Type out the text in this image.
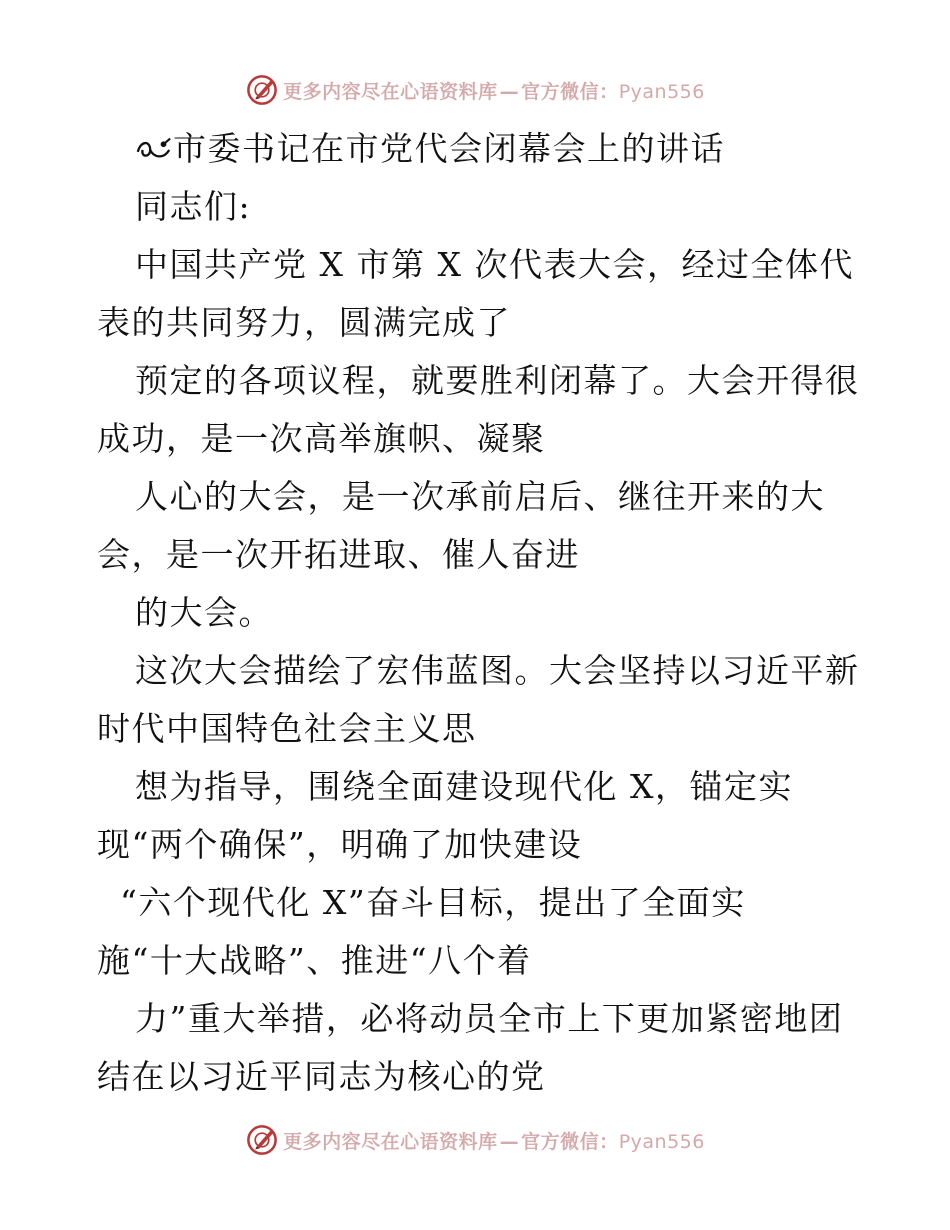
更多内容尽在心语资料库 — 官方微信：Pyan556
市委书记在市党代会闭幕会上的讲话
同志们:
中国共产党 X 市第 X 次代表大会，经过全体代
表的共同努力，圆满完成了
预定的各项议程，就要胜利闭幕了。大会开得很
成功，是一次高举旗帜、凝聚
人心的大会，是一次承前启后、继往开来的大
会，是一次开拓进取、催人奋进
的大会。
这次大会描绘了宏伟蓝图。大会坚持以习近平新
时代中国特色社会主义思
想为指导，围绕全面建设现代化 X，锚定实
现“两个确保”，明确了加快建设
“六个现代化 X”奋斗目标，提出了全面实
施“十大战略”、推进“八个着
力”重大举措，必将动员全市上下更加紧密地团
结在以习近平同志为核心的党
更多内容尽在心语资料库 — 官方微信：Pyan556
